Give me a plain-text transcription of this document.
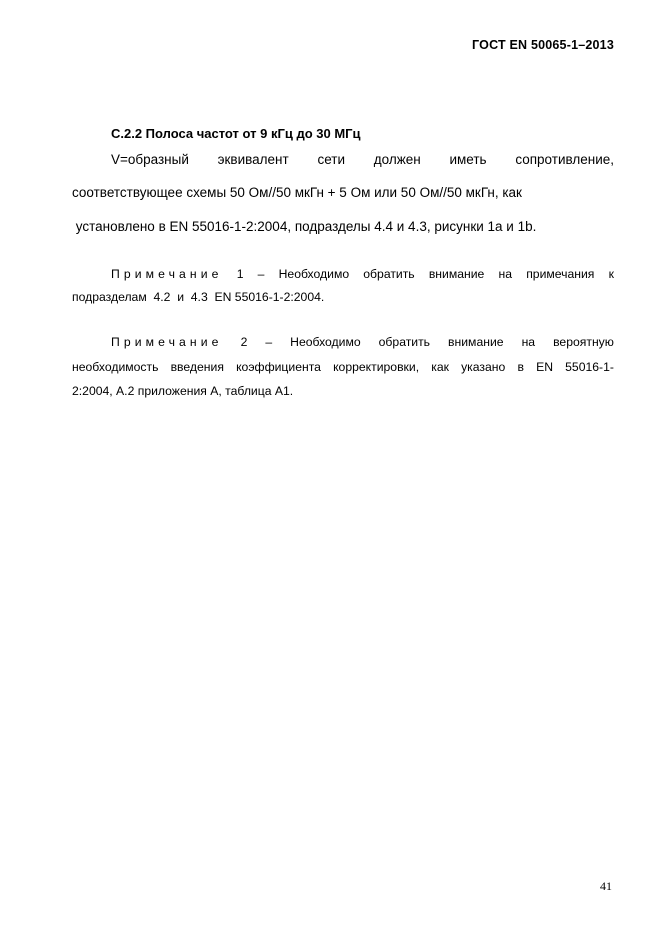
ГОСТ EN 50065-1–2013
С.2.2 Полоса частот от 9 кГц до 30 МГц
V=образный эквивалент сети должен иметь сопротивление,
соответствующее схемы 50 Ом//50 мкГн + 5 Ом или 50 Ом//50 мкГн, как
установлено в EN 55016-1-2:2004, подразделы 4.4 и 4.3, рисунки 1а и 1b.
Примечание 1 – Необходимо обратить внимание на примечания к
подразделам  4.2  и  4.3  EN 55016-1-2:2004.
Примечание 2 – Необходимо обратить внимание на вероятную
необходимость введения коэффициента корректировки, как указано в EN 55016-1-
2:2004, А.2 приложения А, таблица А1.
41
